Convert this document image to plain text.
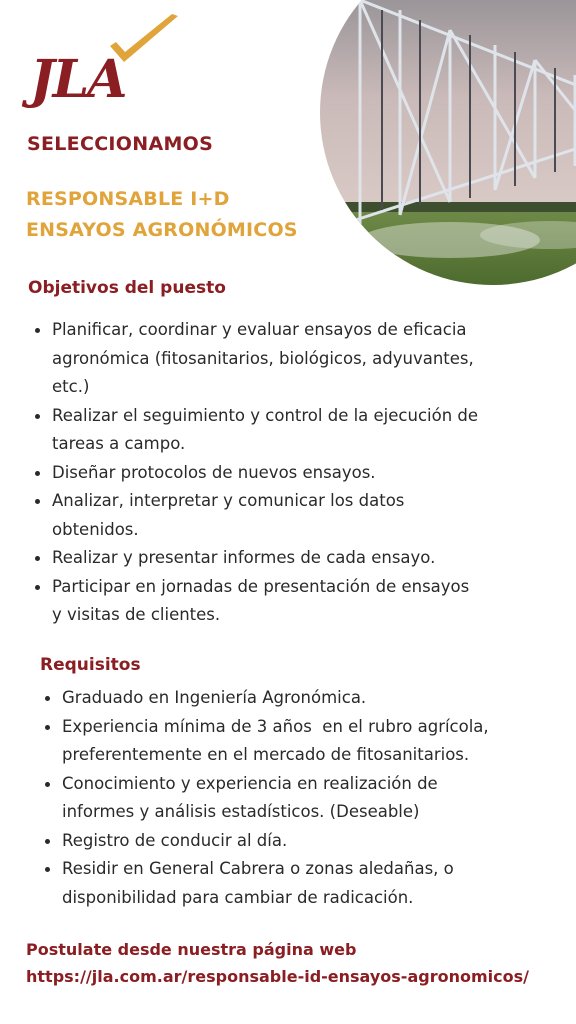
JLA
SELECCIONAMOS
RESPONSABLE I+D
ENSAYOS AGRONÓMICOS
Objetivos del puesto
Planificar, coordinar y evaluar ensayos de eficacia
agronómica (fitosanitarios, biológicos, adyuvantes,
etc.)
Realizar el seguimiento y control de la ejecución de
tareas a campo.
Diseñar protocolos de nuevos ensayos.
Analizar, interpretar y comunicar los datos
obtenidos.
Realizar y presentar informes de cada ensayo.
Participar en jornadas de presentación de ensayos
y visitas de clientes.
Requisitos
Graduado en Ingeniería Agronómica.
Experiencia mínima de 3 años  en el rubro agrícola,
preferentemente en el mercado de fitosanitarios.
Conocimiento y experiencia en realización de
informes y análisis estadísticos. (Deseable)
Registro de conducir al día.
Residir en General Cabrera o zonas aledañas, o
disponibilidad para cambiar de radicación.
Postulate desde nuestra página web
https://jla.com.ar/responsable-id-ensayos-agronomicos/
